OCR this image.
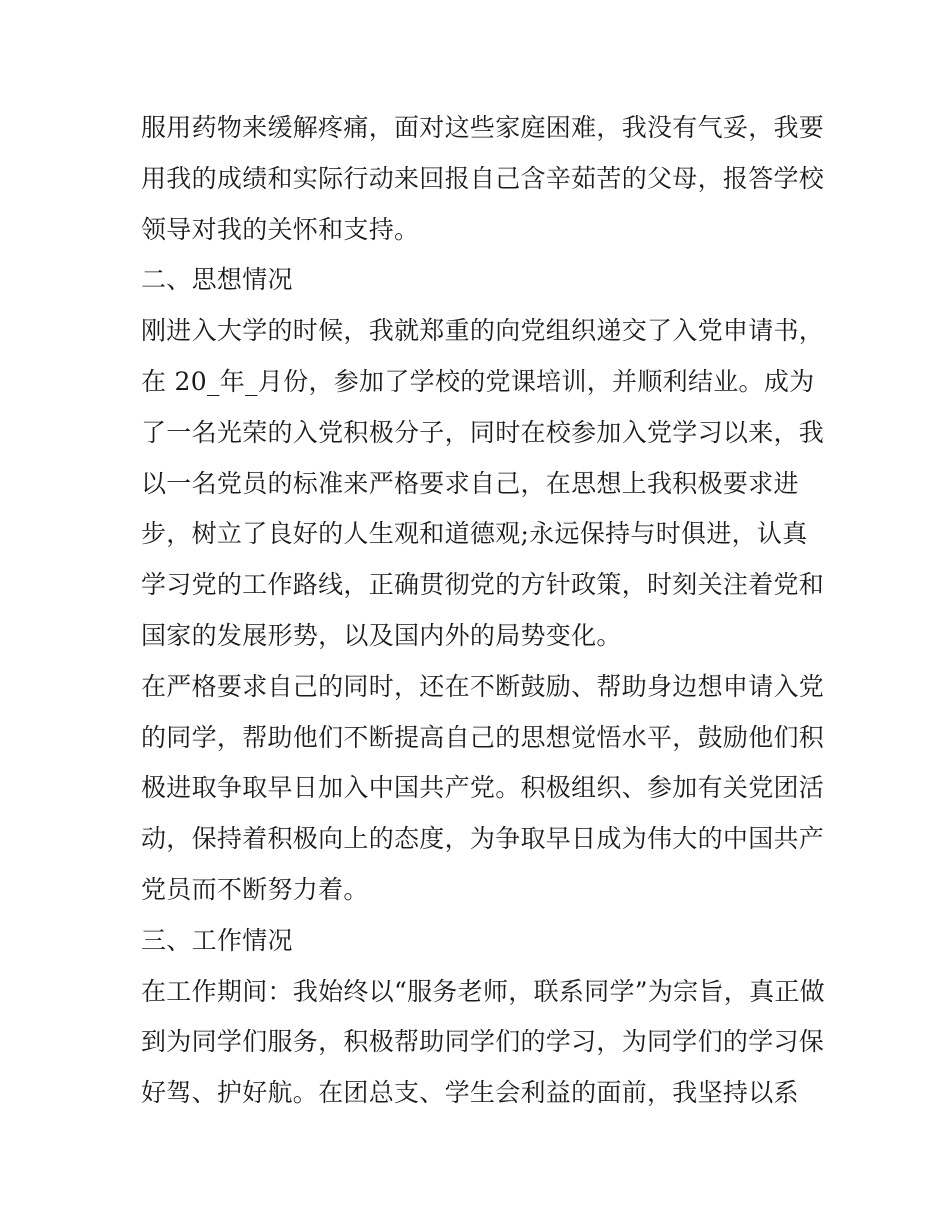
服用药物来缓解疼痛，面对这些家庭困难，我没有气妥，我要
用我的成绩和实际行动来回报自己含辛茹苦的父母，报答学校
领导对我的关怀和支持。
二、思想情况
刚进入大学的时候，我就郑重的向党组织递交了入党申请书，
在 20_年_月份，参加了学校的党课培训，并顺利结业。成为
了一名光荣的入党积极分子，同时在校参加入党学习以来，我
以一名党员的标准来严格要求自己，在思想上我积极要求进
步，树立了良好的人生观和道德观;永远保持与时俱进，认真
学习党的工作路线，正确贯彻党的方针政策，时刻关注着党和
国家的发展形势，以及国内外的局势变化。
在严格要求自己的同时，还在不断鼓励、帮助身边想申请入党
的同学，帮助他们不断提高自己的思想觉悟水平，鼓励他们积
极进取争取早日加入中国共产党。积极组织、参加有关党团活
动，保持着积极向上的态度，为争取早日成为伟大的中国共产
党员而不断努力着。
三、工作情况
在工作期间：我始终以“服务老师，联系同学”为宗旨，真正做
到为同学们服务，积极帮助同学们的学习，为同学们的学习保
好驾、护好航。在团总支、学生会利益的面前，我坚持以系
